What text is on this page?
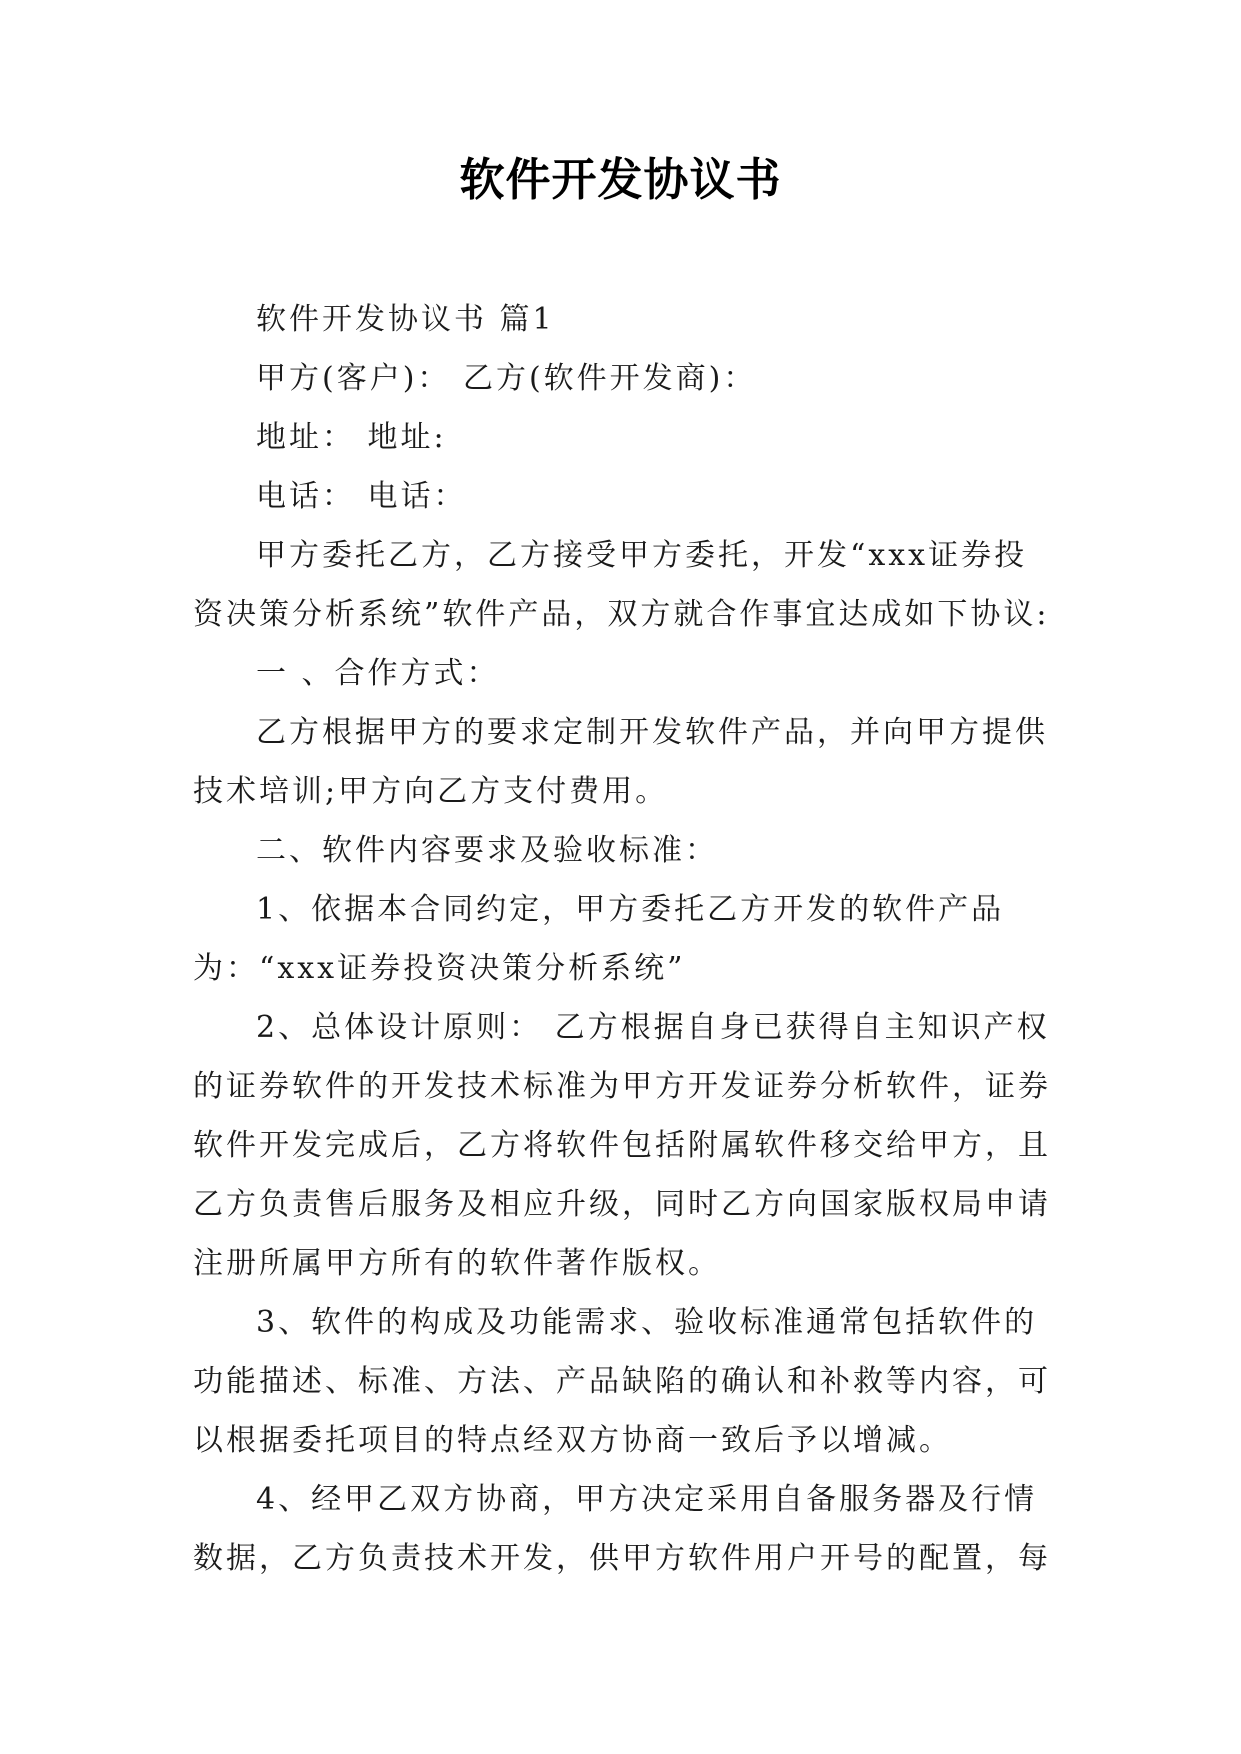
软件开发协议书

软件开发协议书 篇1

甲方(客户)： 乙方(软件开发商)：

地址： 地址:

电话： 电话：

甲方委托乙方，乙方接受甲方委托，开发“xxx证券投资决策分析系统”软件产品，双方就合作事宜达成如下协议:

一 、合作方式：

乙方根据甲方的要求定制开发软件产品，并向甲方提供技术培训;甲方向乙方支付费用。

二、软件内容要求及验收标准：

1、依据本合同约定，甲方委托乙方开发的软件产品为：“xxx证券投资决策分析系统”

2、总体设计原则： 乙方根据自身已获得自主知识产权的证券软件的开发技术标准为甲方开发证券分析软件，证券软件开发完成后，乙方将软件包括附属软件移交给甲方，且乙方负责售后服务及相应升级，同时乙方向国家版权局申请注册所属甲方所有的软件著作版权。

3、软件的构成及功能需求、验收标准通常包括软件的功能描述、标准、方法、产品缺陷的确认和补救等内容，可以根据委托项目的特点经双方协商一致后予以增减。

4、经甲乙双方协商，甲方决定采用自备服务器及行情数据，乙方负责技术开发，供甲方软件用户开号的配置，每
